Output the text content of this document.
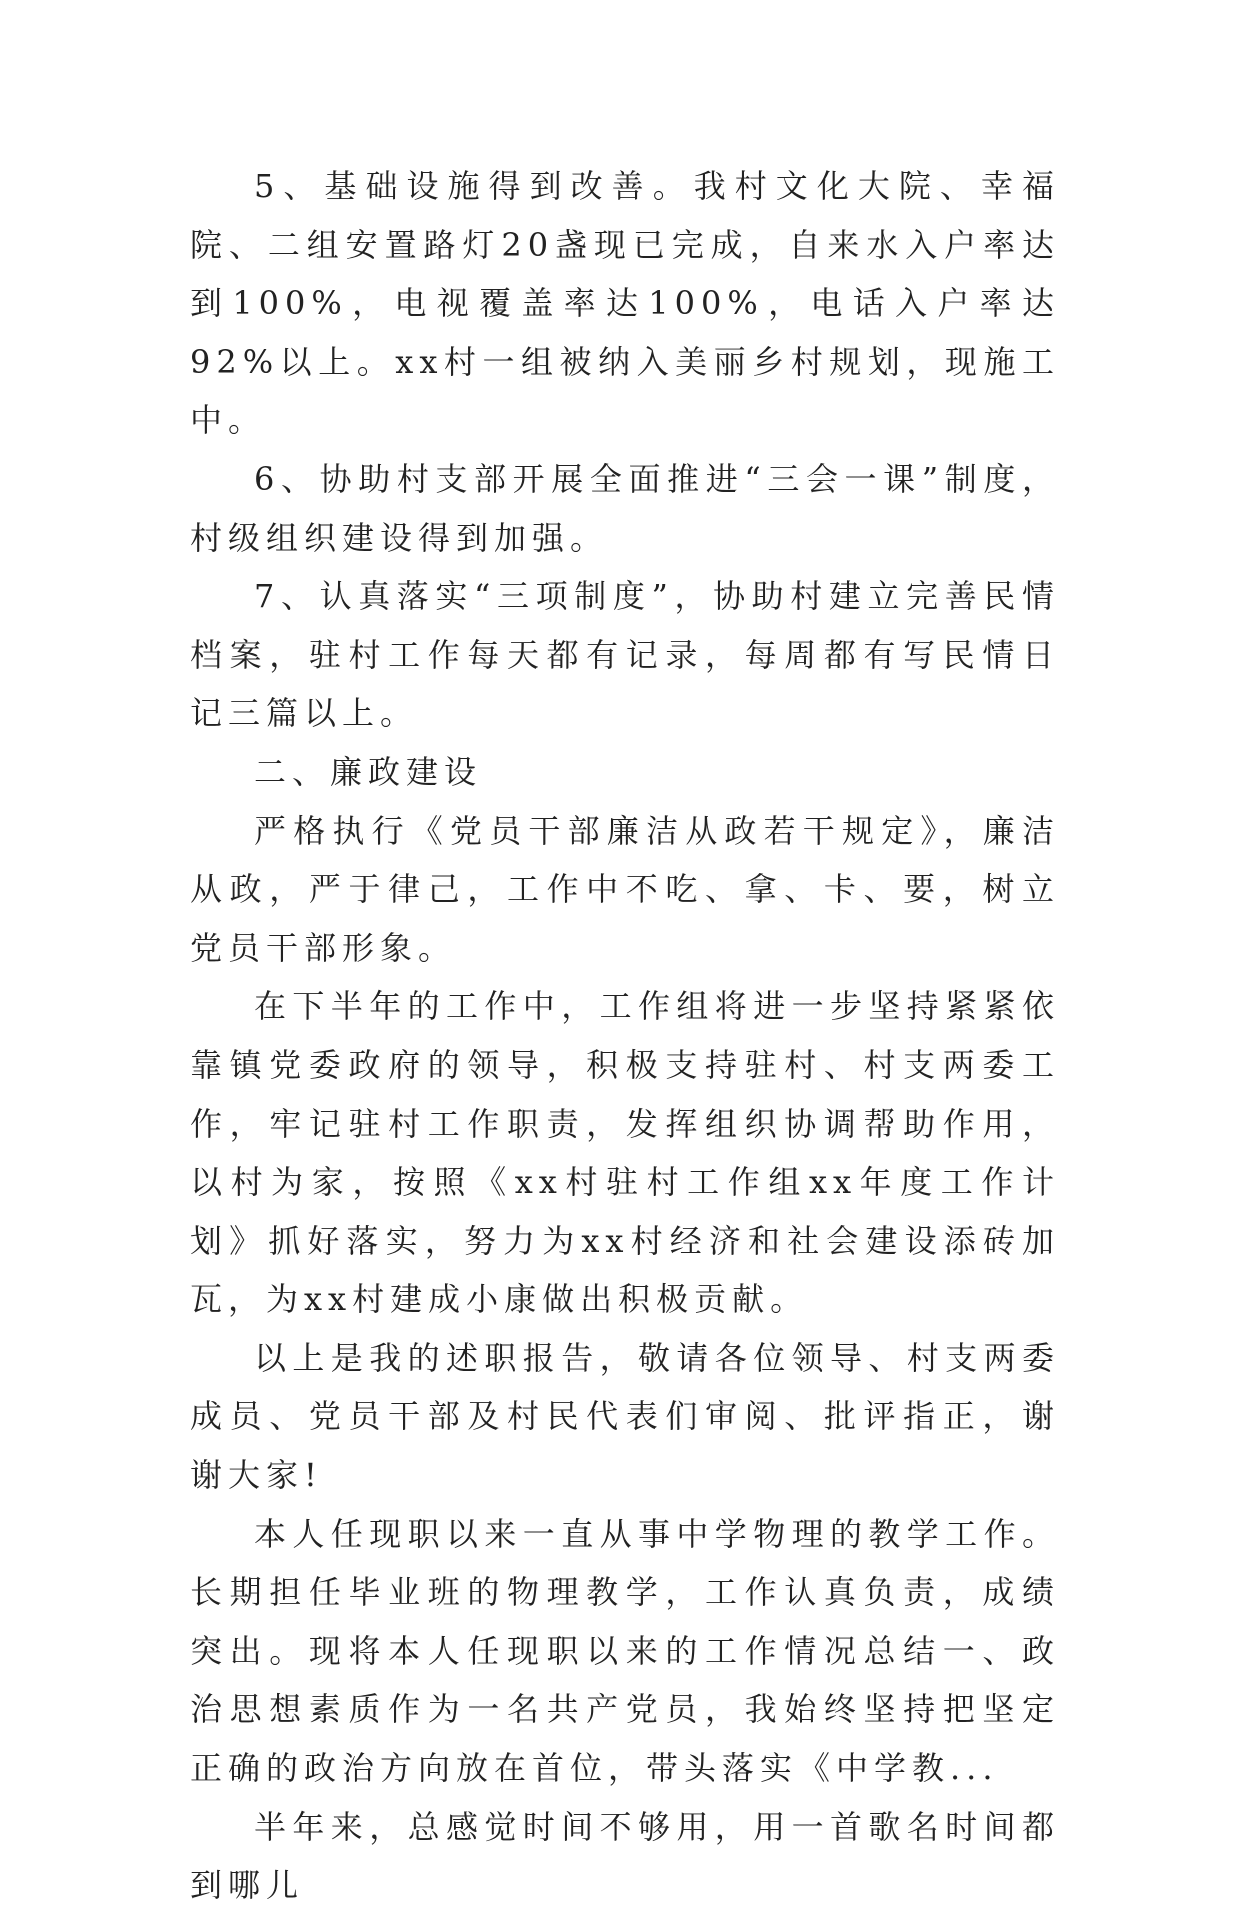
5、基础设施得到改善。我村文化大院、幸福院、二组安置路灯20盏现已完成，自来水入户率达到100%，电视覆盖率达100%，电话入户率达92%以上。xx村一组被纳入美丽乡村规划，现施工中。

6、协助村支部开展全面推进“三会一课”制度，村级组织建设得到加强。

7、认真落实“三项制度”，协助村建立完善民情档案，驻村工作每天都有记录，每周都有写民情日记三篇以上。

二、廉政建设

严格执行《党员干部廉洁从政若干规定》，廉洁从政，严于律己，工作中不吃、拿、卡、要，树立党员干部形象。

在下半年的工作中，工作组将进一步坚持紧紧依靠镇党委政府的领导，积极支持驻村、村支两委工作，牢记驻村工作职责，发挥组织协调帮助作用，以村为家，按照《xx村驻村工作组xx年度工作计划》抓好落实，努力为xx村经济和社会建设添砖加瓦，为xx村建成小康做出积极贡献。

以上是我的述职报告，敬请各位领导、村支两委成员、党员干部及村民代表们审阅、批评指正，谢谢大家!

本人任现职以来一直从事中学物理的教学工作。长期担任毕业班的物理教学，工作认真负责，成绩突出。现将本人任现职以来的工作情况总结一、政治思想素质作为一名共产党员，我始终坚持把坚定正确的政治方向放在首位，带头落实《中学教...

半年来，总感觉时间不够用，用一首歌名时间都到哪儿
